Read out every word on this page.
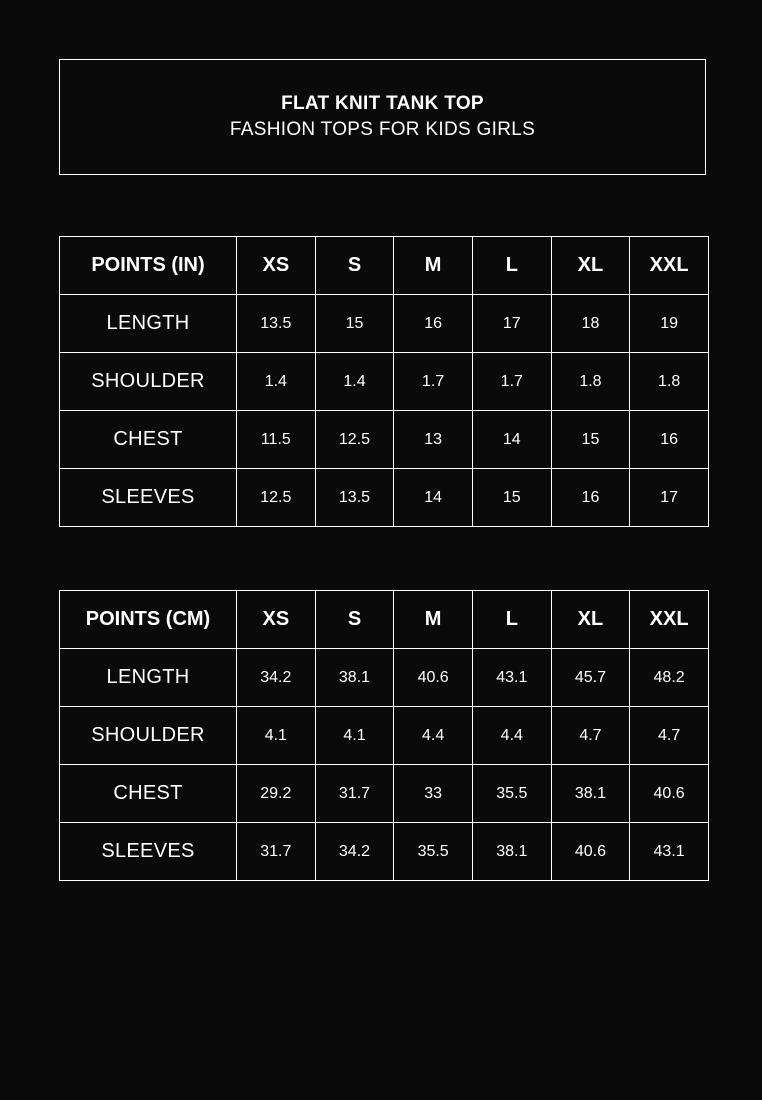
FLAT KNIT TANK TOP
FASHION TOPS FOR KIDS GIRLS
POINTS (IN)	XS	S	M	L	XL	XXL
LENGTH	13.5	15	16	17	18	19
SHOULDER	1.4	1.4	1.7	1.7	1.8	1.8
CHEST	11.5	12.5	13	14	15	16
SLEEVES	12.5	13.5	14	15	16	17
POINTS (CM)	XS	S	M	L	XL	XXL
LENGTH	34.2	38.1	40.6	43.1	45.7	48.2
SHOULDER	4.1	4.1	4.4	4.4	4.7	4.7
CHEST	29.2	31.7	33	35.5	38.1	40.6
SLEEVES	31.7	34.2	35.5	38.1	40.6	43.1
